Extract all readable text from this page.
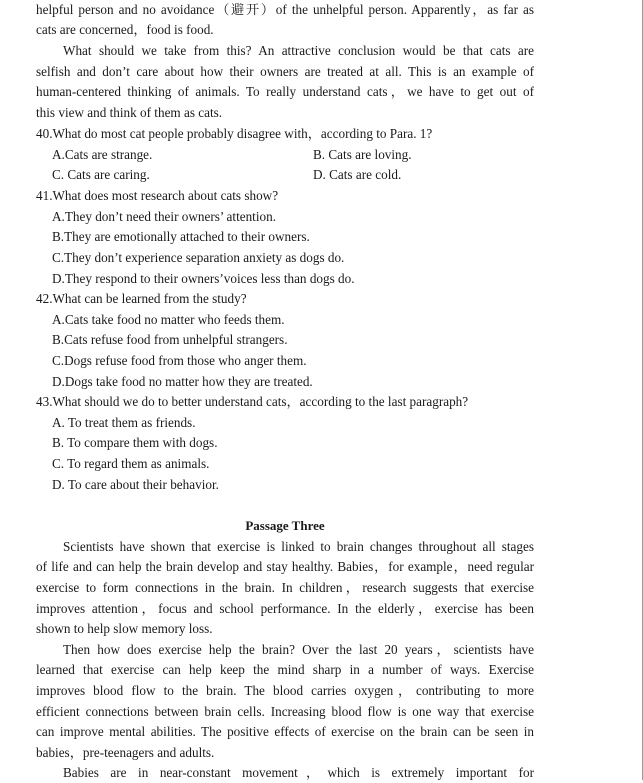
helpful person and no avoidance（避开）of the unhelpful person. Apparently，as far as
cats are concerned，food is food.
What should we take from this? An attractive conclusion would be that cats are
selfish and don’t care about how their owners are treated at all. This is an example of
human-centered thinking of animals. To really understand cats，we have to get out of
this view and think of them as cats.
40.What do most cat people probably disagree with，according to Para. 1?
A.Cats are strange.	B. Cats are loving.
C. Cats are caring.	D. Cats are cold.
41.What does most research about cats show?
A.They don’t need their owners’ attention.
B.They are emotionally attached to their owners.
C.They don’t experience separation anxiety as dogs do.
D.They respond to their owners’voices less than dogs do.
42.What can be learned from the study?
A.Cats take food no matter who feeds them.
B.Cats refuse food from unhelpful strangers.
C.Dogs refuse food from those who anger them.
D.Dogs take food no matter how they are treated.
43.What should we do to better understand cats，according to the last paragraph?
A. To treat them as friends.
B. To compare them with dogs.
C. To regard them as animals.
D. To care about their behavior.
Passage Three
Scientists have shown that exercise is linked to brain changes throughout all stages
of life and can help the brain develop and stay healthy. Babies，for example，need regular
exercise to form connections in the brain. In children，research suggests that exercise
improves attention，focus and school performance. In the elderly，exercise has been
shown to help slow memory loss.
Then how does exercise help the brain? Over the last 20 years，scientists have
learned that exercise can help keep the mind sharp in a number of ways. Exercise
improves blood flow to the brain. The blood carries oxygen，contributing to more
efficient connections between brain cells. Increasing blood flow is one way that exercise
can improve mental abilities. The positive effects of exercise on the brain can be seen in
babies，pre-teenagers and adults.
Babies are in near-constant movement，which is extremely important for
